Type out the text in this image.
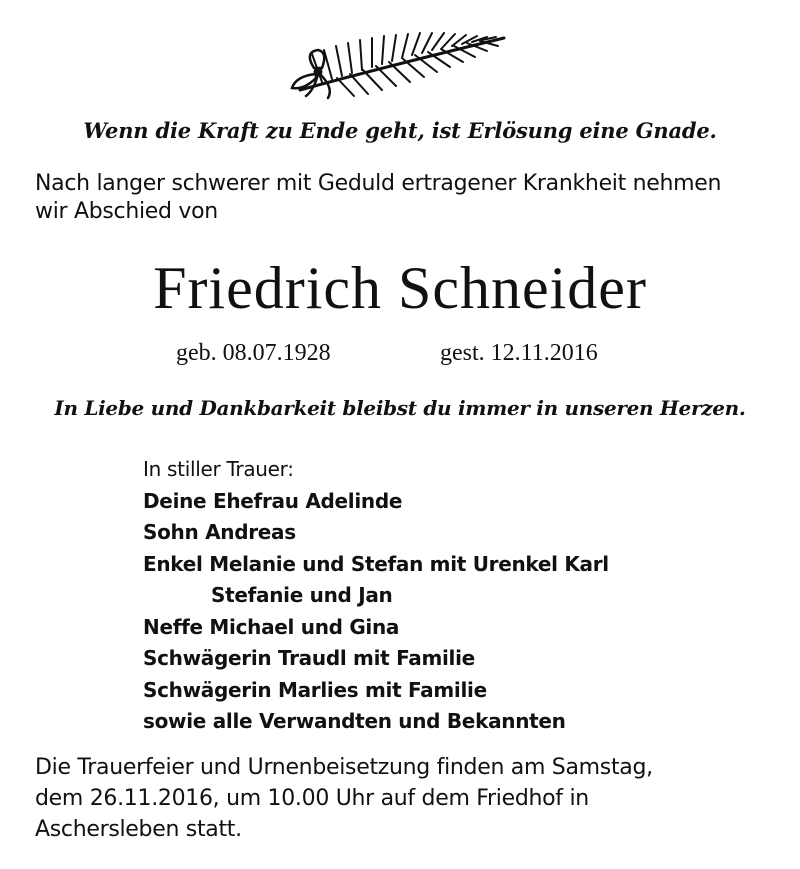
Wenn die Kraft zu Ende geht, ist Erlösung eine Gnade.
Nach langer schwerer mit Geduld ertragener Krankheit nehmen
wir Abschied von
Friedrich Schneider
geb. 08.07.1928	gest. 12.11.2016
In Liebe und Dankbarkeit bleibst du immer in unseren Herzen.
In stiller Trauer:
Deine Ehefrau Adelinde
Sohn Andreas
Enkel Melanie und Stefan mit Urenkel Karl
Stefanie und Jan
Neffe Michael und Gina
Schwägerin Traudl mit Familie
Schwägerin Marlies mit Familie
sowie alle Verwandten und Bekannten
Die Trauerfeier und Urnenbeisetzung finden am Samstag,
dem 26.11.2016, um 10.00 Uhr auf dem Friedhof in
Aschersleben statt.
